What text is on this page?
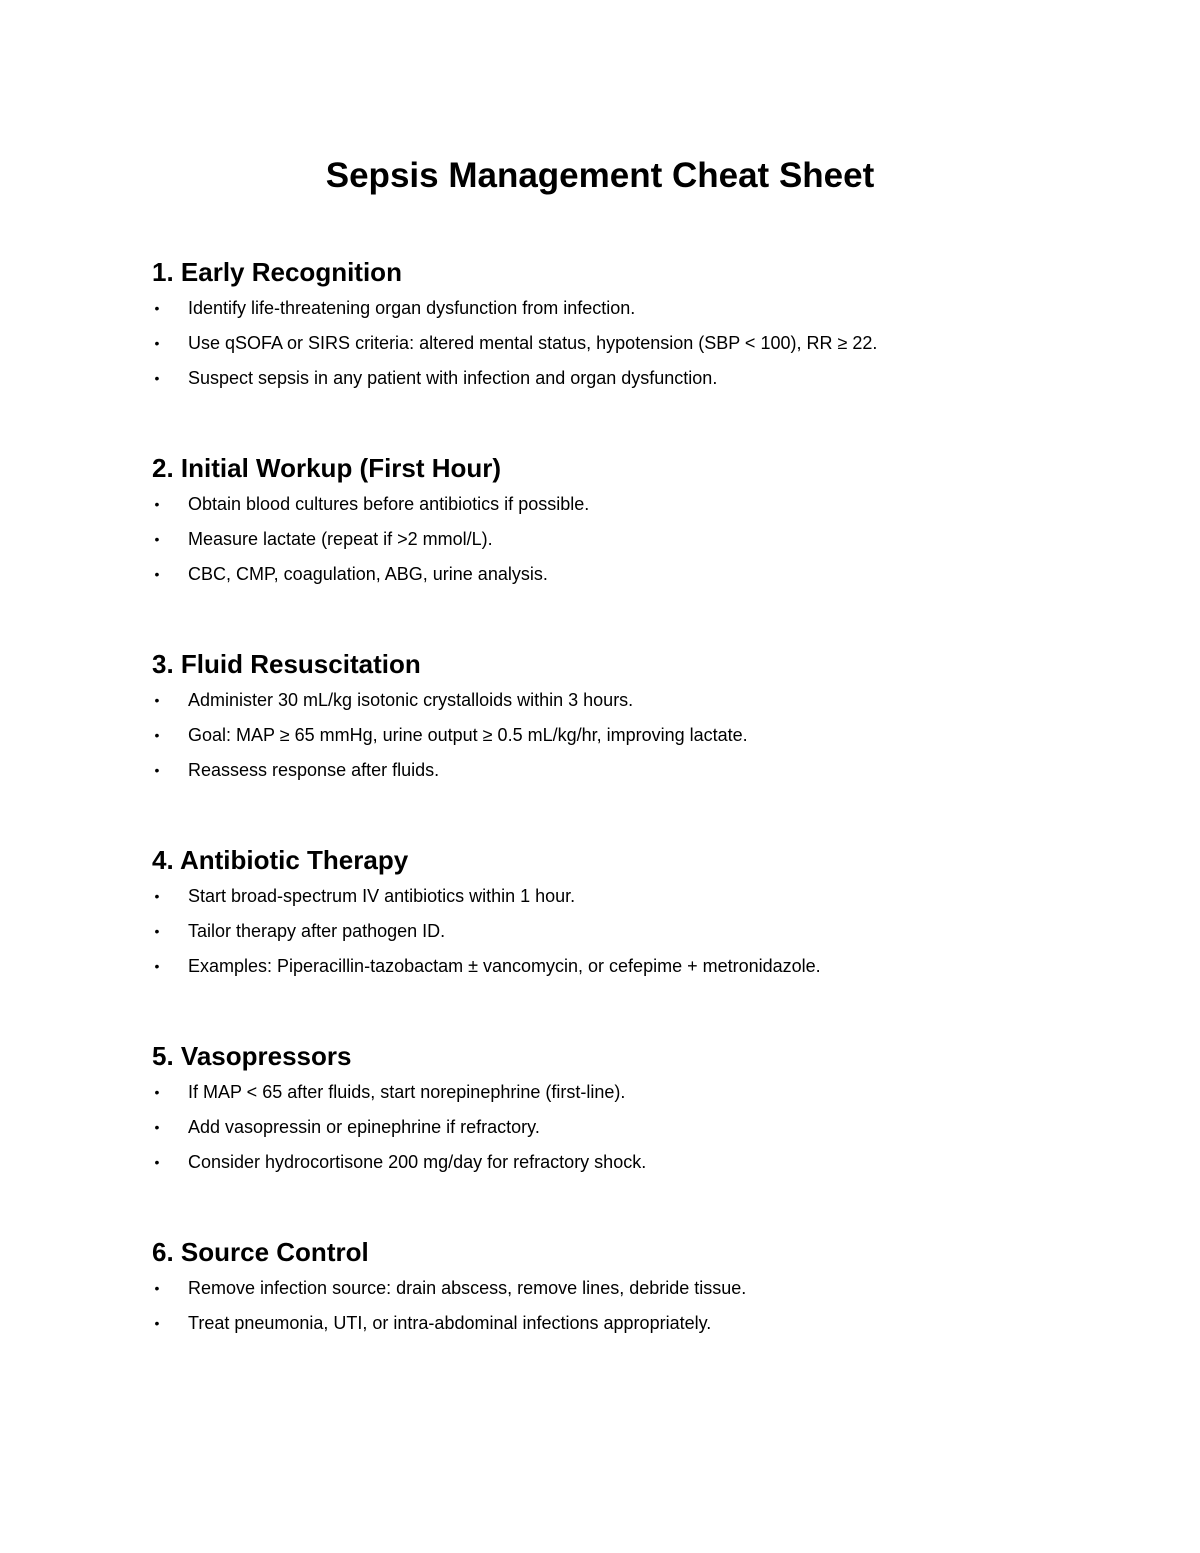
Sepsis Management Cheat Sheet
1. Early Recognition
• Identify life-threatening organ dysfunction from infection.
• Use qSOFA or SIRS criteria: altered mental status, hypotension (SBP < 100), RR ≥ 22.
• Suspect sepsis in any patient with infection and organ dysfunction.
2. Initial Workup (First Hour)
• Obtain blood cultures before antibiotics if possible.
• Measure lactate (repeat if >2 mmol/L).
• CBC, CMP, coagulation, ABG, urine analysis.
3. Fluid Resuscitation
• Administer 30 mL/kg isotonic crystalloids within 3 hours.
• Goal: MAP ≥ 65 mmHg, urine output ≥ 0.5 mL/kg/hr, improving lactate.
• Reassess response after fluids.
4. Antibiotic Therapy
• Start broad-spectrum IV antibiotics within 1 hour.
• Tailor therapy after pathogen ID.
• Examples: Piperacillin-tazobactam ± vancomycin, or cefepime + metronidazole.
5. Vasopressors
• If MAP < 65 after fluids, start norepinephrine (first-line).
• Add vasopressin or epinephrine if refractory.
• Consider hydrocortisone 200 mg/day for refractory shock.
6. Source Control
• Remove infection source: drain abscess, remove lines, debride tissue.
• Treat pneumonia, UTI, or intra-abdominal infections appropriately.
